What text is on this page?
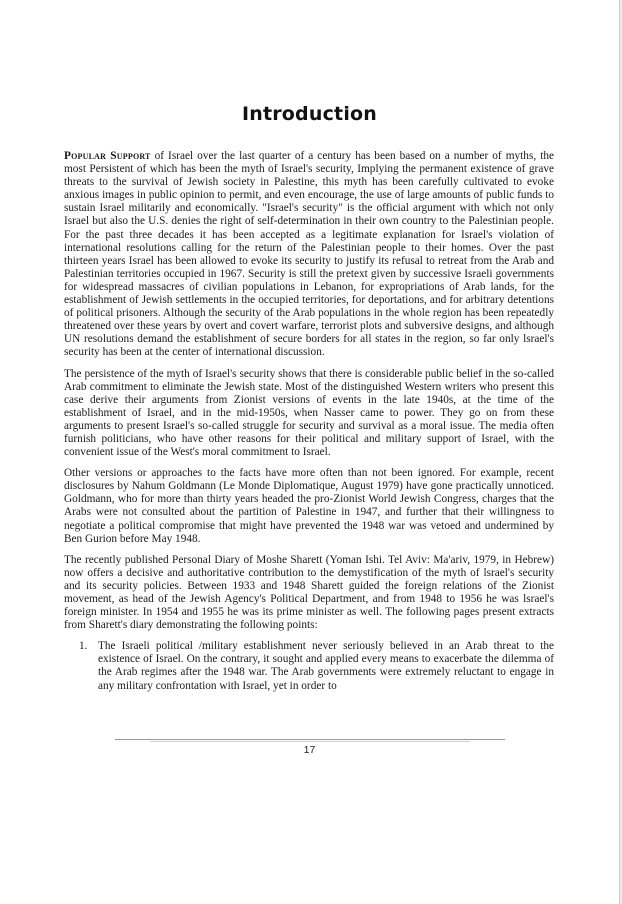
Introduction

Popular Support of Israel over the last quarter of a century has been based on a number of myths, the most Persistent of which has been the myth of Israel's security, Implying the permanent existence of grave threats to the survival of Jewish society in Palestine, this myth has been carefully cultivated to evoke anxious images in public opinion to permit, and even encourage, the use of large amounts of public funds to sustain Israel militarily and economically. "Israel's security" is the official argument with which not only Israel but also the U.S. denies the right of self-determination in their own country to the Palestinian people. For the past three decades it has been accepted as a legitimate explanation for Israel's violation of international resolutions calling for the return of the Palestinian people to their homes. Over the past thirteen years Israel has been allowed to evoke its security to justify its refusal to retreat from the Arab and Palestinian territories occupied in 1967. Security is still the pretext given by successive Israeli governments for widespread massacres of civilian populations in Lebanon, for expropriations of Arab lands, for the establishment of Jewish settlements in the occupied territories, for deportations, and for arbitrary detentions of political prisoners. Although the security of the Arab populations in the whole region has been repeatedly threatened over these years by overt and covert warfare, terrorist plots and subversive designs, and although UN resolutions demand the establishment of secure borders for all states in the region, so far only lsrael's security has been at the center of international discussion.

The persistence of the myth of Israel's security shows that there is considerable public belief in the so-called Arab commitment to eliminate the Jewish state. Most of the distinguished Western writers who present this case derive their arguments from Zionist versions of events in the late 1940s, at the time of the establishment of Israel, and in the mid-1950s, when Nasser came to power. They go on from these arguments to present Israel's so-called struggle for security and survival as a moral issue. The media often furnish politicians, who have other reasons for their political and military support of Israel, with the convenient issue of the West's moral commitment to Israel.

Other versions or approaches to the facts have more often than not been ignored. For example, recent disclosures by Nahum Goldmann (Le Monde Diplomatique, August 1979) have gone practically unnoticed. Goldmann, who for more than thirty years headed the pro-Zionist World Jewish Congress, charges that the Arabs were not consulted about the partition of Palestine in 1947, and further that their willingness to negotiate a political compromise that might have prevented the 1948 war was vetoed and undermined by Ben Gurion before May 1948.

The recently published Personal Diary of Moshe Sharett (Yoman Ishi. Tel Aviv: Ma'ariv, 1979, in Hebrew) now offers a decisive and authoritative contribution to the demystification of the myth of lsrael's security and its security policies. Between 1933 and 1948 Sharett guided the foreign relations of the Zionist movement, as head of the Jewish Agency's Political Department, and from 1948 to 1956 he was lsrael's foreign minister. In 1954 and 1955 he was its prime minister as well. The following pages present extracts from Sharett's diary demonstrating the following points:

1. The Israeli political /military establishment never seriously believed in an Arab threat to the existence of Israel. On the contrary, it sought and applied every means to exacerbate the dilemma of the Arab regimes after the 1948 war. The Arab governments were extremely reluctant to engage in any military confrontation with Israel, yet in order to
17
